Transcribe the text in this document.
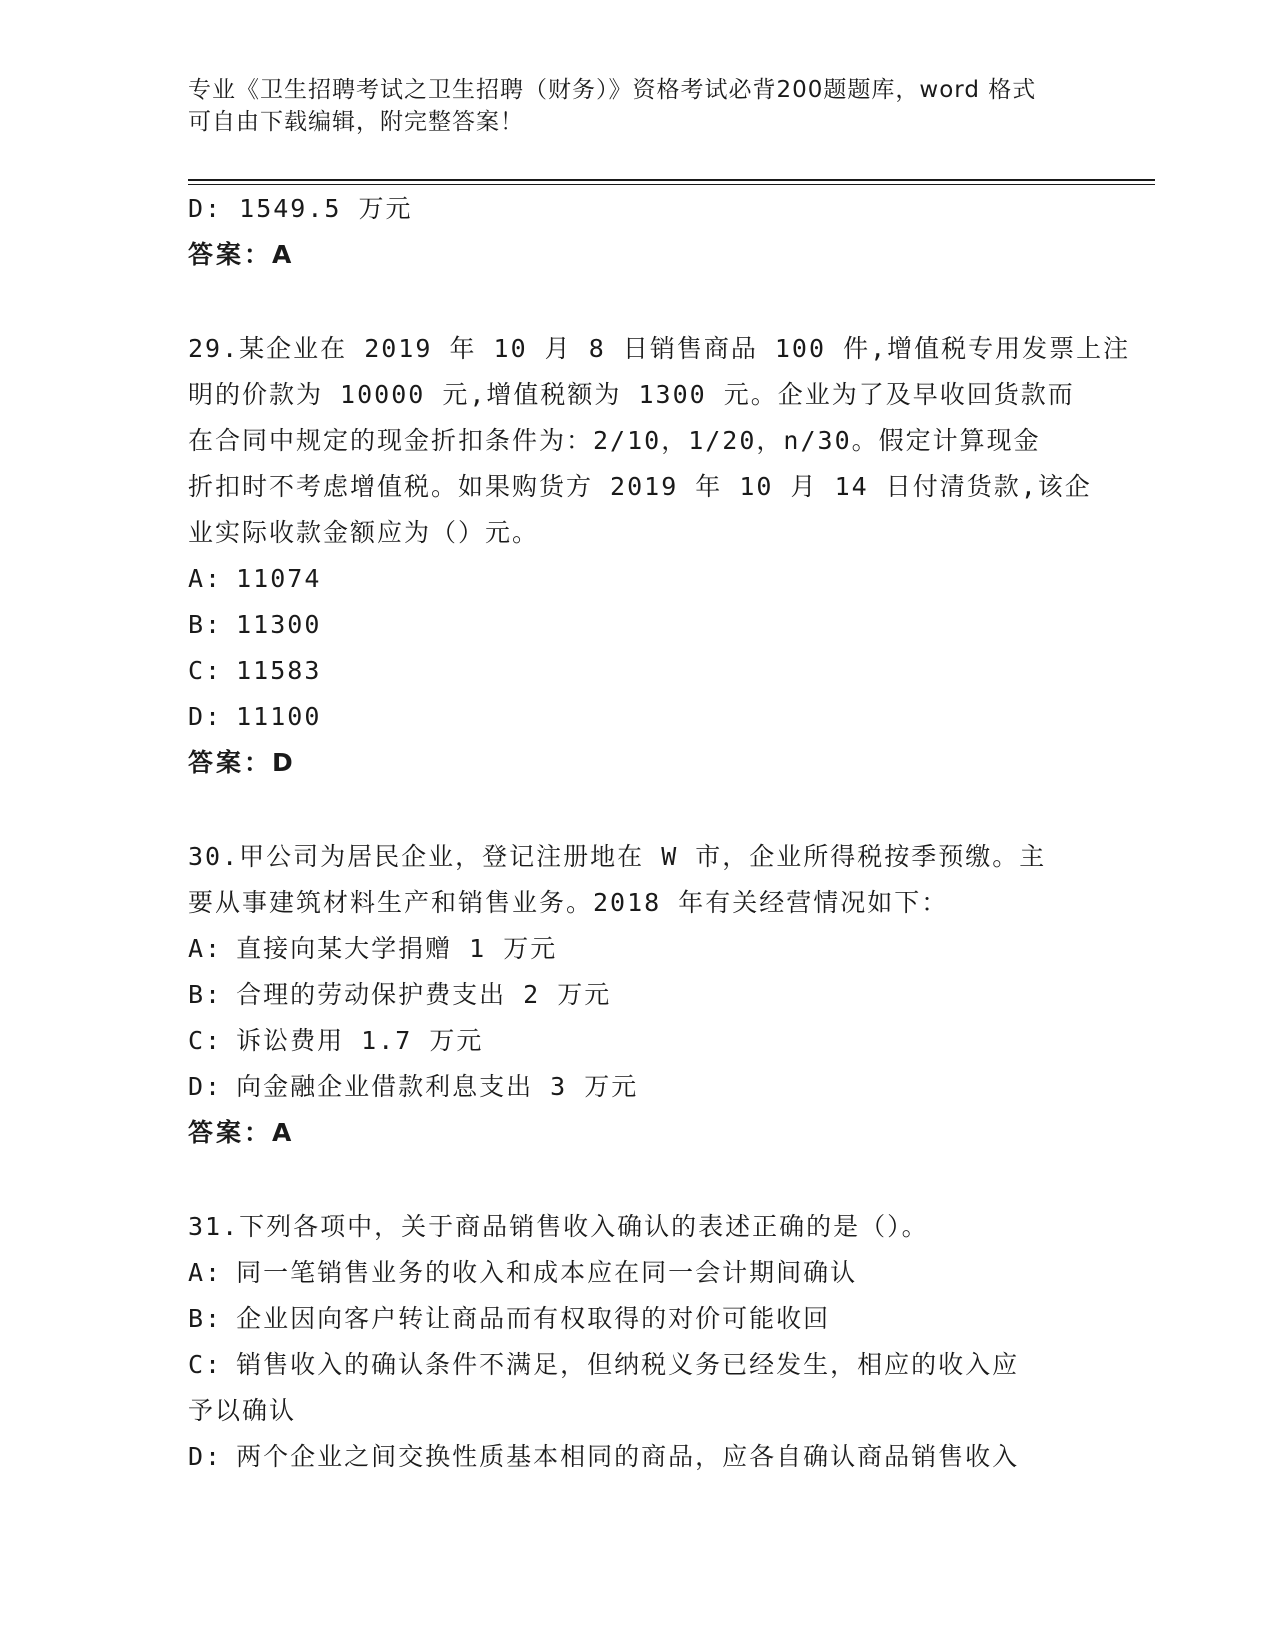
专业《卫生招聘考试之卫生招聘（财务）》资格考试必背200题题库，word 格式
可自由下载编辑，附完整答案！
D: 1549.5 万元
答案：A
29.某企业在 2019 年 10 月 8 日销售商品 100 件,增值税专用发票上注
明的价款为 10000 元,增值税额为 1300 元。企业为了及早收回货款而
在合同中规定的现金折扣条件为：2/10，1/20，n/30。假定计算现金
折扣时不考虑增值税。如果购货方 2019 年 10 月 14 日付清货款,该企
业实际收款金额应为（）元。
A: 11074
B: 11300
C: 11583
D: 11100
答案：D
30.甲公司为居民企业，登记注册地在 W 市，企业所得税按季预缴。主
要从事建筑材料生产和销售业务。2018 年有关经营情况如下：
A: 直接向某大学捐赠 1 万元
B: 合理的劳动保护费支出 2 万元
C: 诉讼费用 1.7 万元
D: 向金融企业借款利息支出 3 万元
答案：A
31.下列各项中，关于商品销售收入确认的表述正确的是（）。
A: 同一笔销售业务的收入和成本应在同一会计期间确认
B: 企业因向客户转让商品而有权取得的对价可能收回
C: 销售收入的确认条件不满足，但纳税义务已经发生，相应的收入应
予以确认
D: 两个企业之间交换性质基本相同的商品，应各自确认商品销售收入
